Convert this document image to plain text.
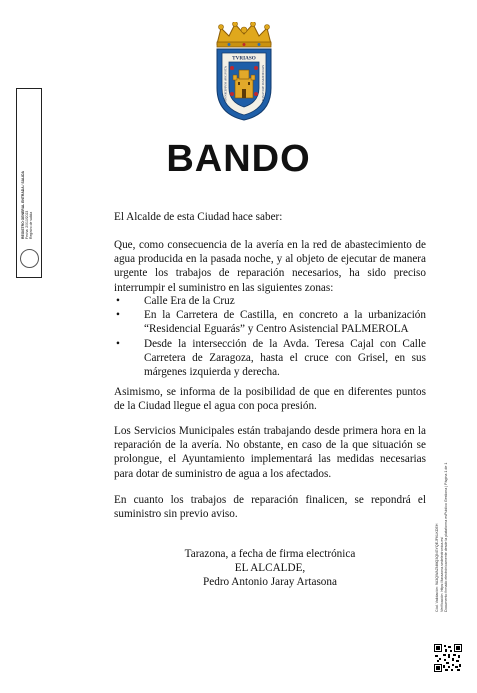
TVRIASO
MVNICIPIVM AVGVSTA	MVNICIPIVM AVGVSTA
BANDO

El Alcalde de esta Ciudad hace saber:

Que, como consecuencia de la avería en la red de abastecimiento de agua producida en la pasada noche, y al objeto de ejecutar de manera urgente los trabajos de reparación necesarios, ha sido preciso interrumpir el suministro en las siguientes zonas:

• Calle Era de la Cruz
• En la Carretera de Castilla, en concreto a la urbanización “Residencial Eguarás” y Centro Asistencial PALMEROLA
• Desde la intersección de la Avda. Teresa Cajal con Calle Carretera de Zaragoza, hasta el cruce con Grisel, en sus márgenes izquierda y derecha.

Asimismo, se informa de la posibilidad de que en diferentes puntos de la Ciudad llegue el agua con poca presión.

Los Servicios Municipales están trabajando desde primera hora en la reparación de la avería. No obstante, en caso de la que situación se prolongue, el Ayuntamiento implementará las medidas necesarias para dotar de suministro de agua a los afectados.

En cuanto los trabajos de reparación finalicen, se repondrá el suministro sin previo aviso.

Tarazona, a fecha de firma electrónica

EL ALCALDE,

Pedro Antonio Jaray Artasona

REGISTRO GENERAL ENTRADA / SALIDA Fecha: 20/10/2023 Registro de salida
Cód. Validación: 9A3QWAZNMQ3QNGYQEJFKLKDEH Verificación: https://tarazona.sedelectronica.es/ Documento firmado electrónicamente desde la plataforma esPublico Gestiona | Página 1 de 1
